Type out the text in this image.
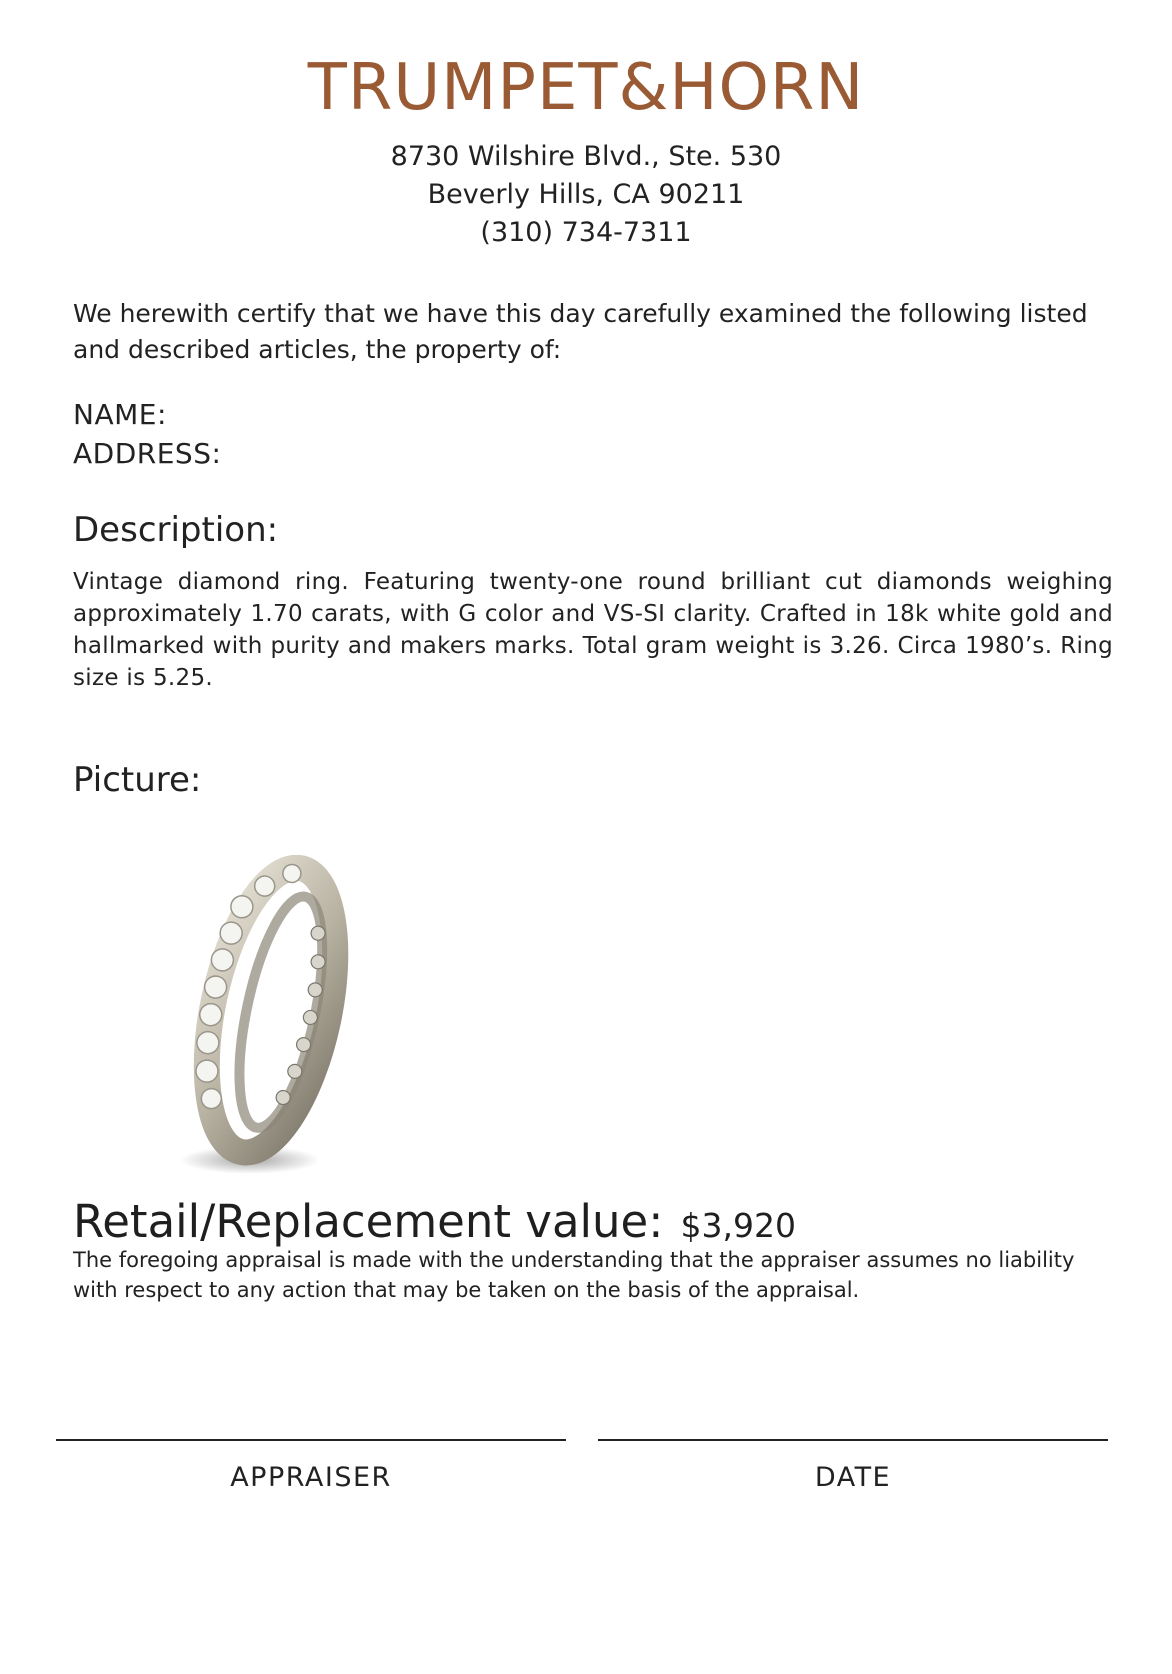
TRUMPET&HORN
8730 Wilshire Blvd., Ste. 530
Beverly Hills, CA 90211
(310) 734-7311
We herewith certify that we have this day carefully examined the following listed and described articles, the property of:
NAME:
ADDRESS:
Description:
Vintage diamond ring. Featuring twenty-one round brilliant cut diamonds weighing approximately 1.70 carats, with G color and VS-SI clarity. Crafted in 18k white gold and hallmarked with purity and makers marks. Total gram weight is 3.26. Circa 1980’s. Ring size is 5.25.
Picture:
Retail/Replacement value: $3,920
The foregoing appraisal is made with the understanding that the appraiser assumes no liability with respect to any action that may be taken on the basis of the appraisal.
APPRAISER	DATE
